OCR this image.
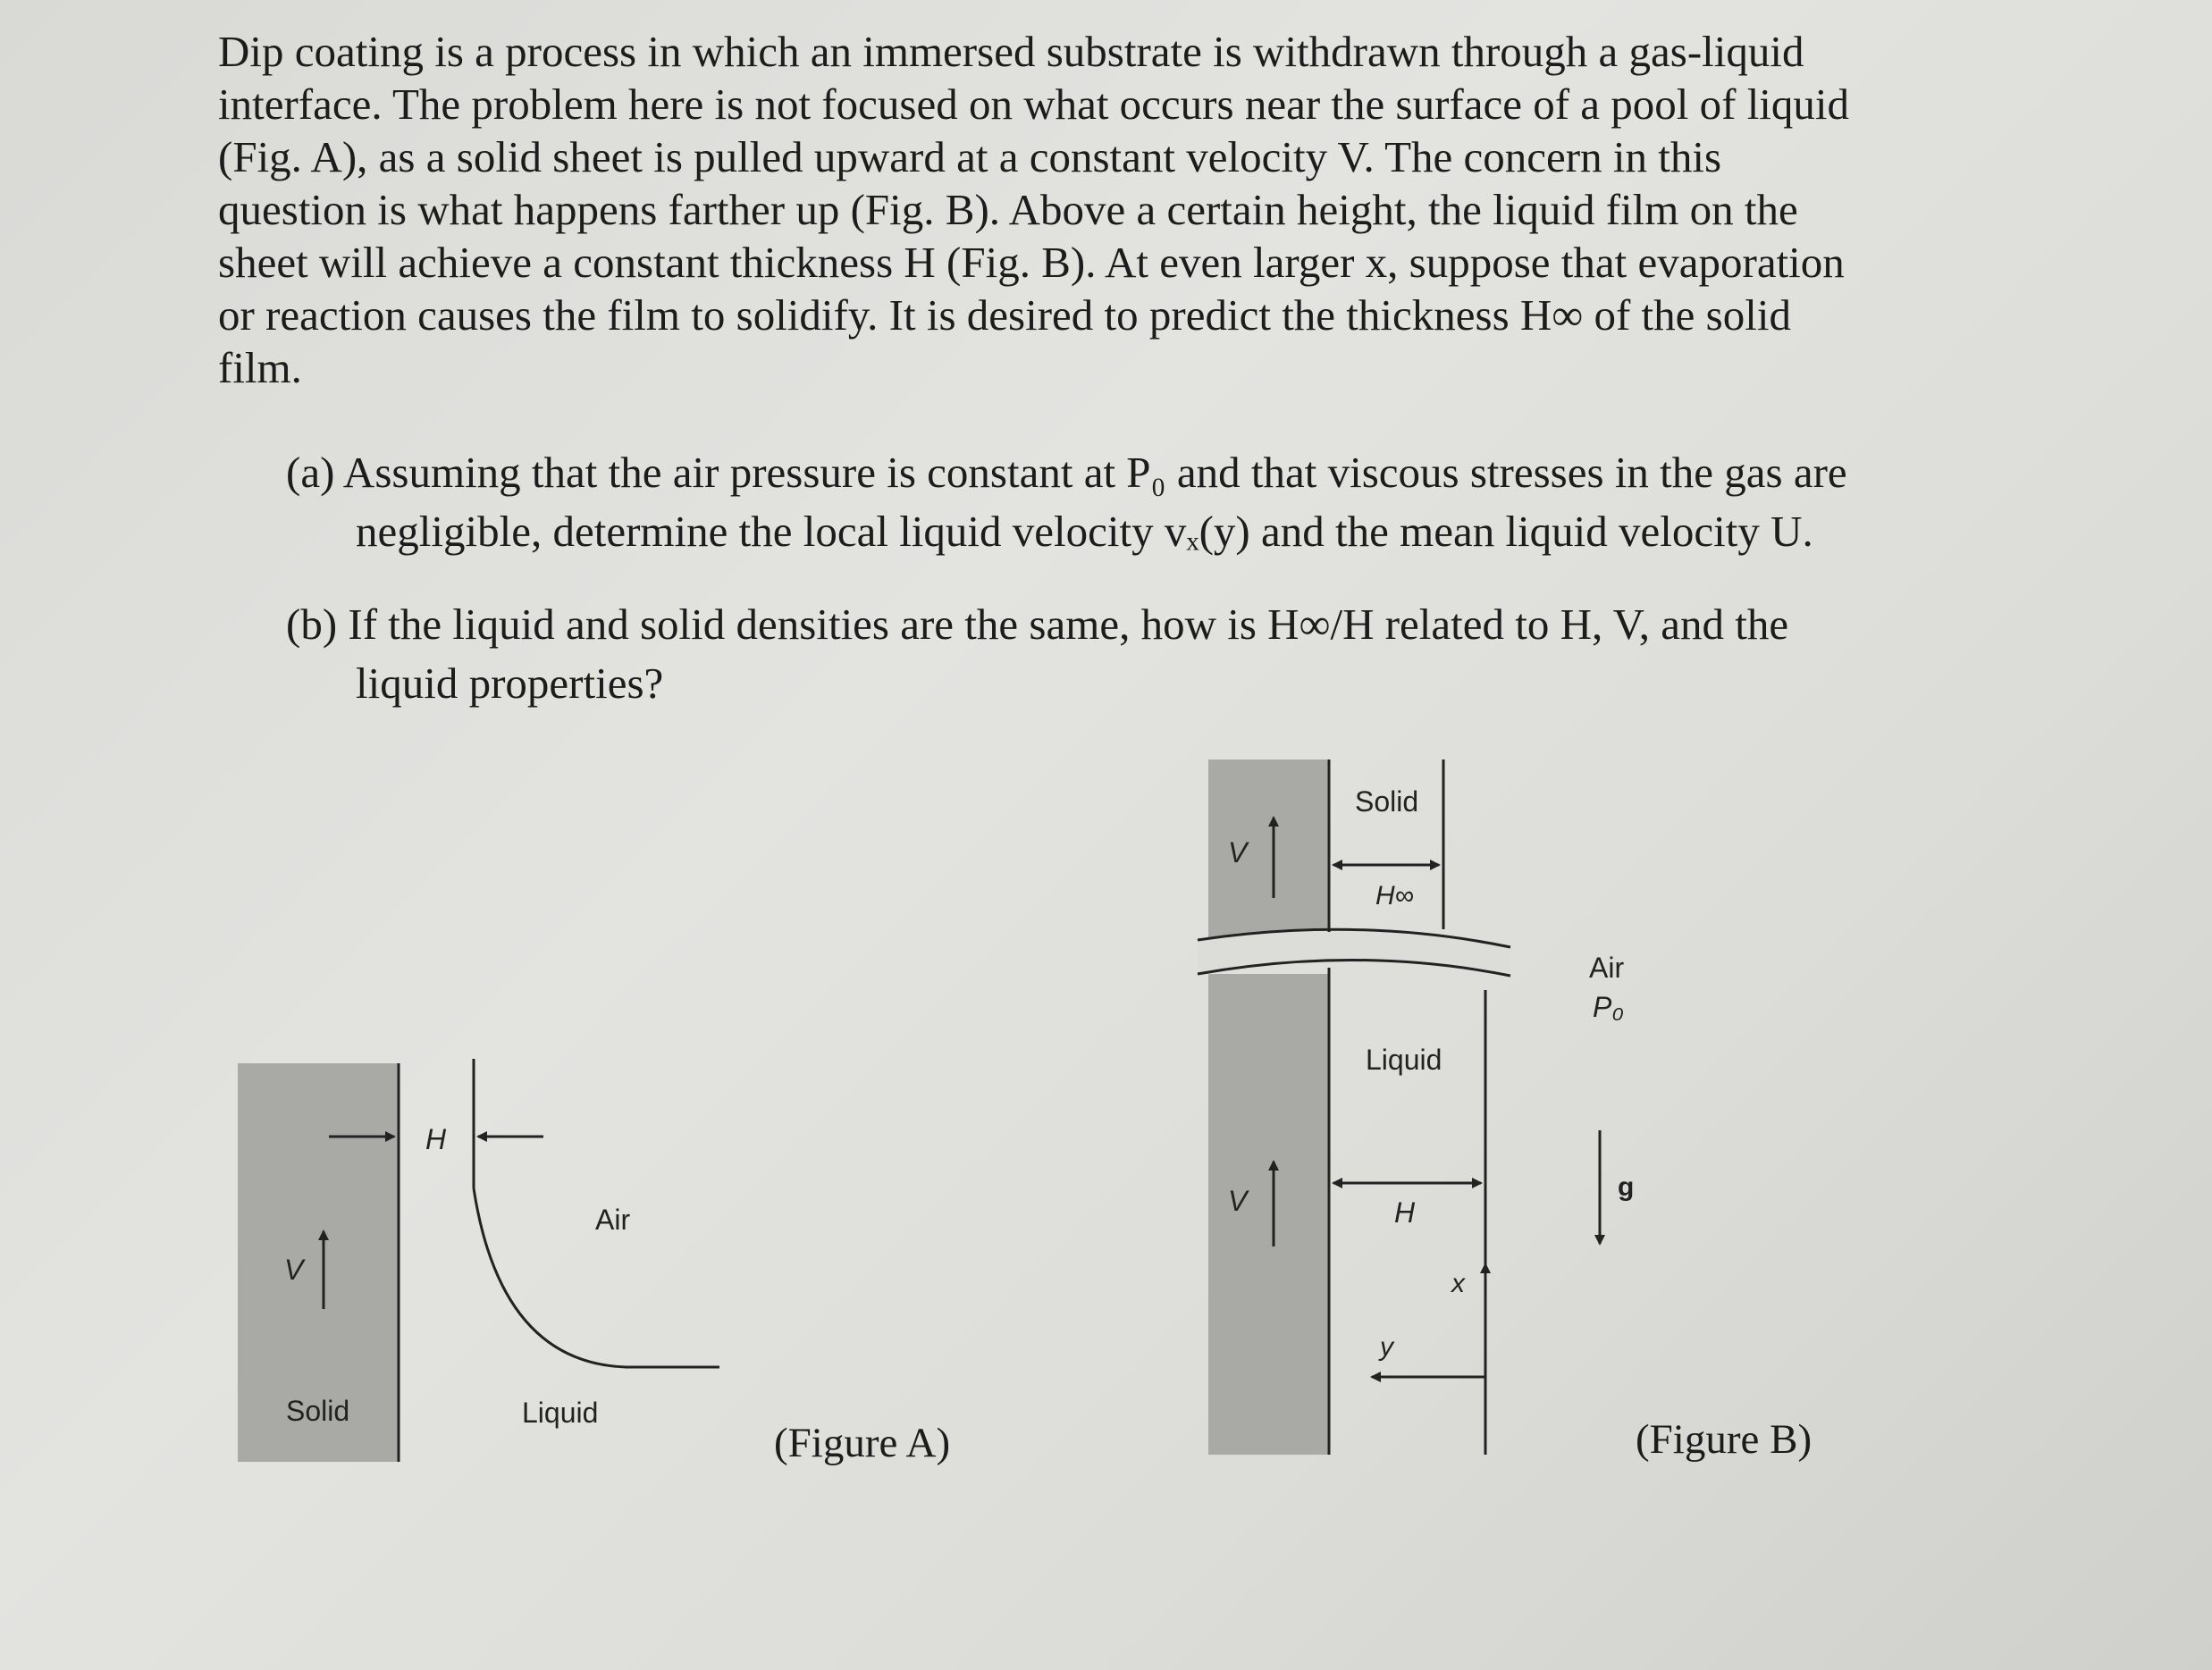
Dip coating is a process in which an immersed substrate is withdrawn through a gas-liquid
interface. The problem here is not focused on what occurs near the surface of a pool of liquid
(Fig. A), as a solid sheet is pulled upward at a constant velocity V. The concern in this
question is what happens farther up (Fig. B). Above a certain height, the liquid film on the
sheet will achieve a constant thickness H (Fig. B). At even larger x, suppose that evaporation
or reaction causes the film to solidify. It is desired to predict the thickness H∞ of the solid
film.
(a) Assuming that the air pressure is constant at P₀ and that viscous stresses in the gas are
negligible, determine the local liquid velocity vₓ(y) and the mean liquid velocity U.
(b) If the liquid and solid densities are the same, how is H∞/H related to H, V, and the
liquid properties?
V
H
Air
Solid	Liquid
Solid
V
H∞
Air
P₀
Liquid
V	H
g
x
y
(Figure A)	(Figure B)
